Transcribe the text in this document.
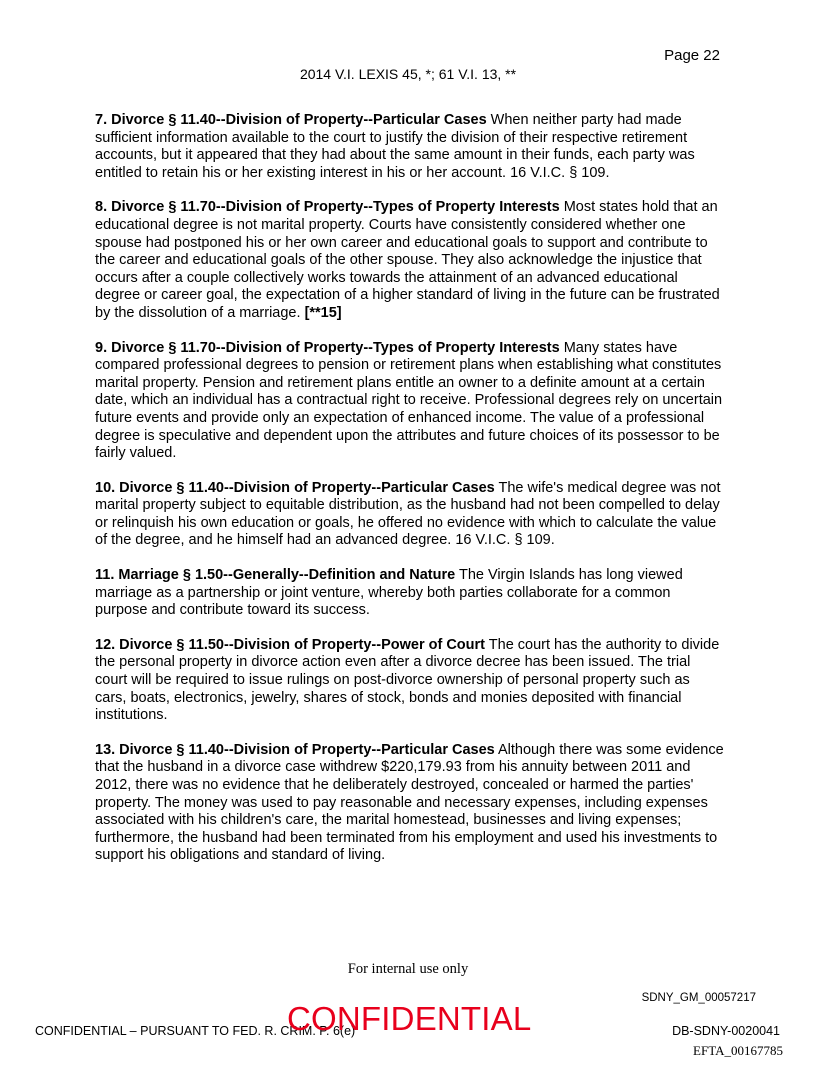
Page 22
2014 V.I. LEXIS 45, *; 61 V.I. 13, **

7. Divorce § 11.40--Division of Property--Particular Cases When neither party had made sufficient information available to the court to justify the division of their respective retirement accounts, but it appeared that they had about the same amount in their funds, each party was entitled to retain his or her existing interest in his or her account. 16 V.I.C. § 109.

8. Divorce § 11.70--Division of Property--Types of Property Interests Most states hold that an educational degree is not marital property. Courts have consistently considered whether one spouse had postponed his or her own career and educational goals to support and contribute to the career and educational goals of the other spouse. They also acknowledge the injustice that occurs after a couple collectively works towards the attainment of an advanced educational degree or career goal, the expectation of a higher standard of living in the future can be frustrated by the dissolution of a marriage. [**15]

9. Divorce § 11.70--Division of Property--Types of Property Interests Many states have compared professional degrees to pension or retirement plans when establishing what constitutes marital property. Pension and retirement plans entitle an owner to a definite amount at a certain date, which an individual has a contractual right to receive. Professional degrees rely on uncertain future events and provide only an expectation of enhanced income. The value of a professional degree is speculative and dependent upon the attributes and future choices of its possessor to be fairly valued.

10. Divorce § 11.40--Division of Property--Particular Cases The wife's medical degree was not marital property subject to equitable distribution, as the husband had not been compelled to delay or relinquish his own education or goals, he offered no evidence with which to calculate the value of the degree, and he himself had an advanced degree. 16 V.I.C. § 109.

11. Marriage § 1.50--Generally--Definition and Nature The Virgin Islands has long viewed marriage as a partnership or joint venture, whereby both parties collaborate for a common purpose and contribute toward its success.

12. Divorce § 11.50--Division of Property--Power of Court The court has the authority to divide the personal property in divorce action even after a divorce decree has been issued. The trial court will be required to issue rulings on post-divorce ownership of personal property such as cars, boats, electronics, jewelry, shares of stock, bonds and monies deposited with financial institutions.

13. Divorce § 11.40--Division of Property--Particular Cases Although there was some evidence that the husband in a divorce case withdrew $220,179.93 from his annuity between 2011 and 2012, there was no evidence that he deliberately destroyed, concealed or harmed the parties' property. The money was used to pay reasonable and necessary expenses, including expenses associated with his children's care, the marital homestead, businesses and living expenses; furthermore, the husband had been terminated from his employment and used his investments to support his obligations and standard of living.

For internal use only
SDNY_GM_00057217
CONFIDENTIAL – PURSUANT TO FED. R. CRIM. P. 6(e)
CONFIDENTIAL	DB-SDNY-0020041
EFTA_00167785
